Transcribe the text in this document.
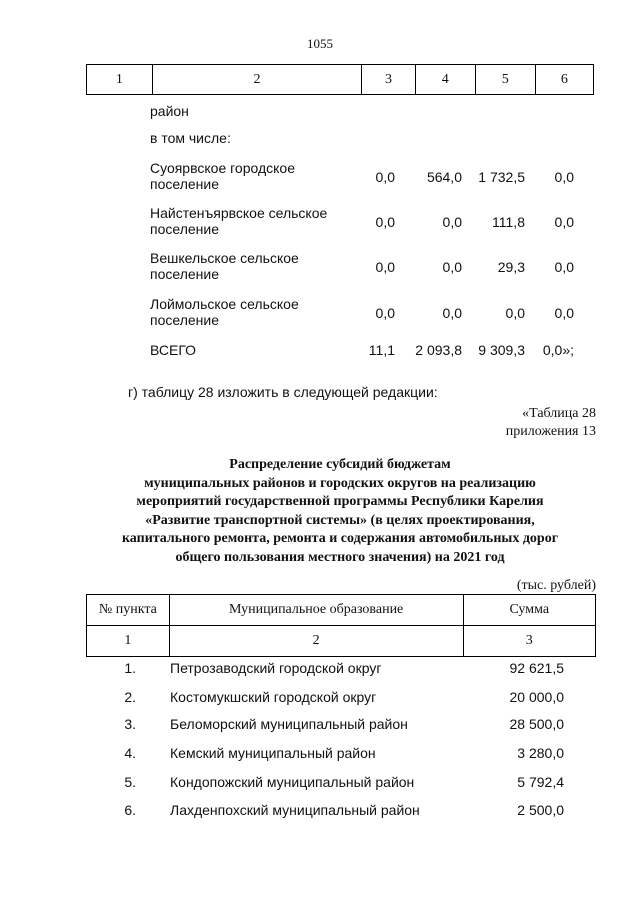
1055
1	2	3	4	5	6
район
в том числе:
Суоярвское городское поселение	0,0	564,0	1 732,5	0,0
Найстенъярвское сельское поселение	0,0	0,0	111,8	0,0
Вешкельское сельское поселение	0,0	0,0	29,3	0,0
Лоймольское сельское поселение	0,0	0,0	0,0	0,0
ВСЕГО	11,1	2 093,8	9 309,3	0,0»;
г) таблицу 28 изложить в следующей редакции:
«Таблица 28
приложения 13
Распределение субсидий бюджетам
муниципальных районов и городских округов на реализацию
мероприятий государственной программы Республики Карелия
«Развитие транспортной системы» (в целях проектирования,
капитального ремонта, ремонта и содержания автомобильных дорог
общего пользования местного значения) на 2021 год
(тыс. рублей)
№ пункта	Муниципальное образование	Сумма
1	2	3
1. Петрозаводский городской округ	92 621,5
2. Костомукшский городской округ	20 000,0
3. Беломорский муниципальный район	28 500,0
4. Кемский муниципальный район	3 280,0
5. Кондопожский муниципальный район	5 792,4
6. Лахденпохский муниципальный район	2 500,0
